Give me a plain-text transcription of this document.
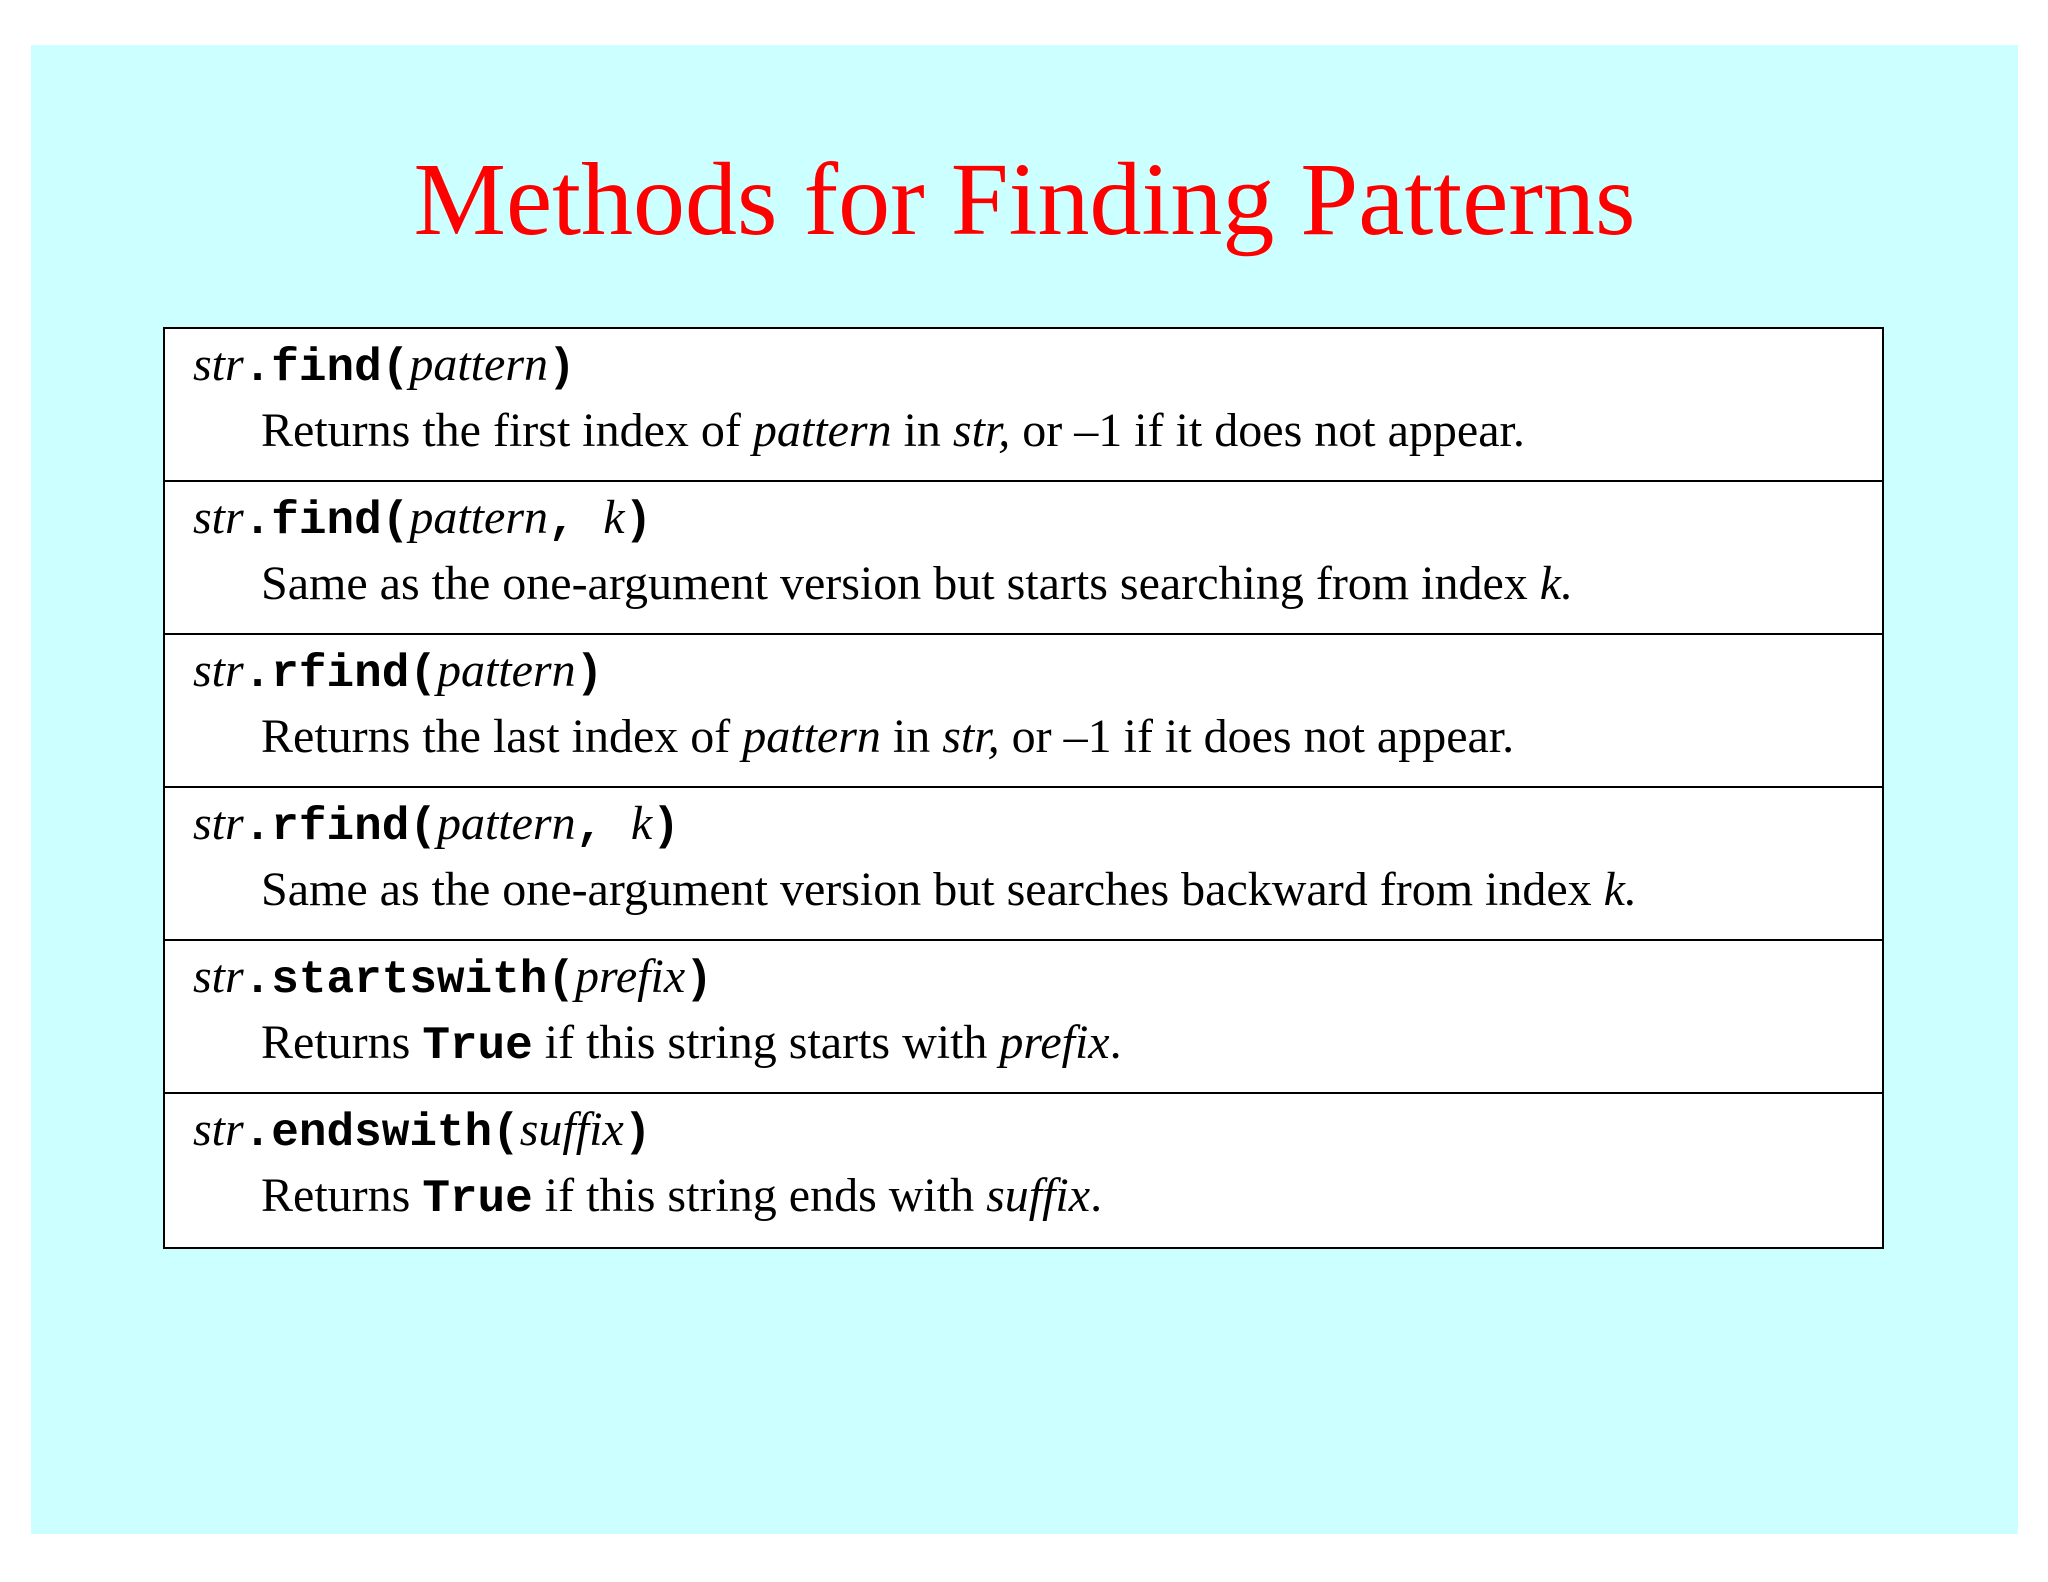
Methods for Finding Patterns
str.find(pattern)
Returns the first index of pattern in str, or –1 if it does not appear.
str.find(pattern, k)
Same as the one-argument version but starts searching from index k.
str.rfind(pattern)
Returns the last index of pattern in str, or –1 if it does not appear.
str.rfind(pattern, k)
Same as the one-argument version but searches backward from index k.
str.startswith(prefix)
Returns True if this string starts with prefix.
str.endswith(suffix)
Returns True if this string ends with suffix.
